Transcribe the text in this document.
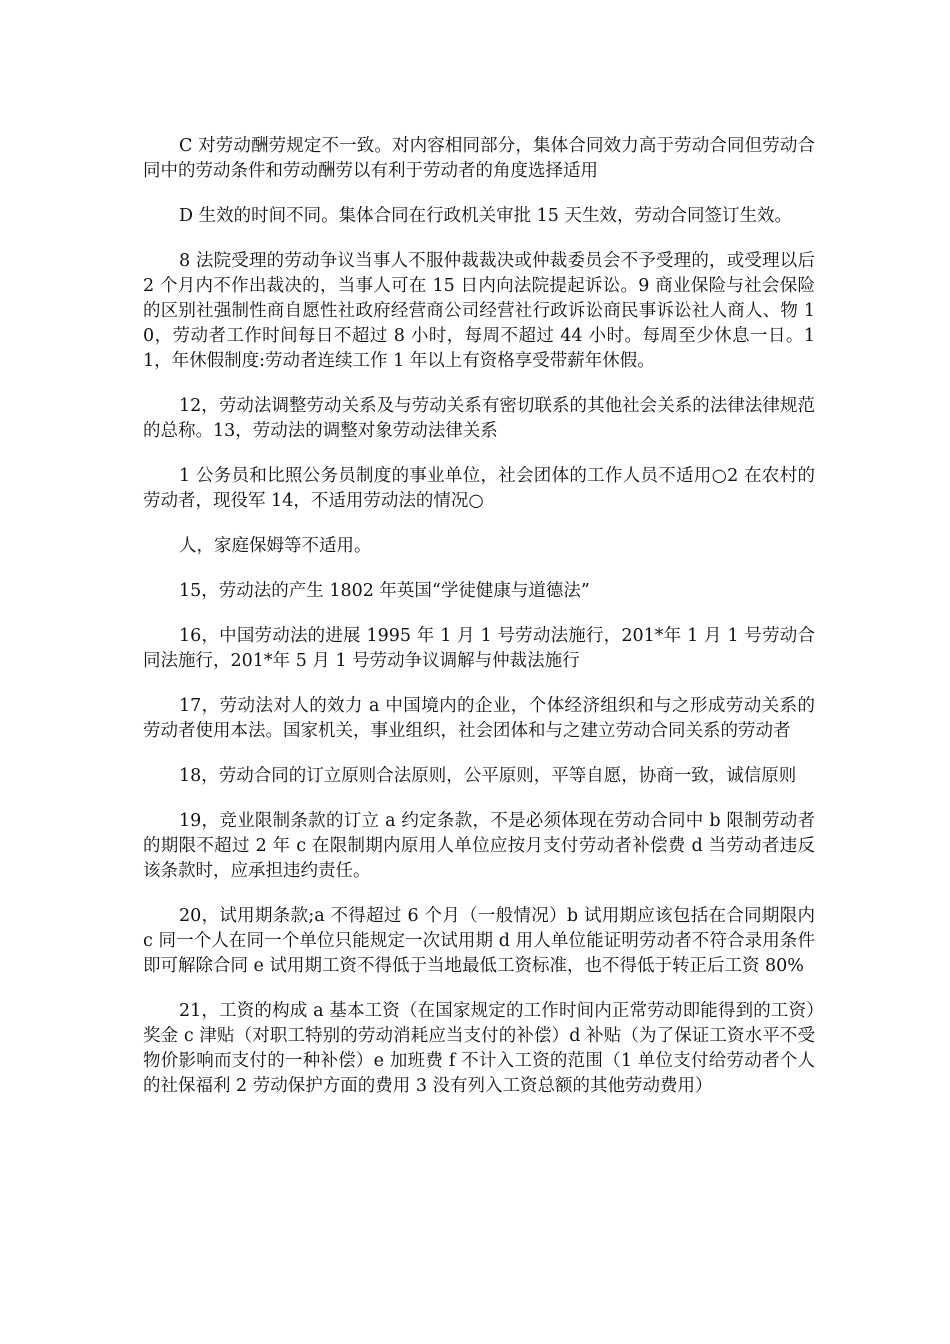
C 对劳动酬劳规定不一致。对内容相同部分，集体合同效力高于劳动合同但劳动合同中的劳动条件和劳动酬劳以有利于劳动者的角度选择适用

D 生效的时间不同。集体合同在行政机关审批 15 天生效，劳动合同签订生效。

8 法院受理的劳动争议当事人不服仲裁裁决或仲裁委员会不予受理的，或受理以后 2 个月内不作出裁决的，当事人可在 15 日内向法院提起诉讼。9 商业保险与社会保险的区别社强制性商自愿性社政府经营商公司经营社行政诉讼商民事诉讼社人商人、物 10，劳动者工作时间每日不超过 8 小时，每周不超过 44 小时。每周至少休息一日。11，年休假制度:劳动者连续工作 1 年以上有资格享受带薪年休假。

12，劳动法调整劳动关系及与劳动关系有密切联系的其他社会关系的法律法律规范的总称。13，劳动法的调整对象劳动法律关系

1 公务员和比照公务员制度的事业单位，社会团体的工作人员不适用○2 在农村的劳动者，现役军 14，不适用劳动法的情况○

人，家庭保姆等不适用。

15，劳动法的产生 1802 年英国“学徒健康与道德法”

16，中国劳动法的进展 1995 年 1 月 1 号劳动法施行，201*年 1 月 1 号劳动合同法施行，201*年 5 月 1 号劳动争议调解与仲裁法施行

17，劳动法对人的效力 a 中国境内的企业，个体经济组织和与之形成劳动关系的劳动者使用本法。国家机关，事业组织，社会团体和与之建立劳动合同关系的劳动者

18，劳动合同的订立原则合法原则，公平原则，平等自愿，协商一致，诚信原则

19，竞业限制条款的订立 a 约定条款，不是必须体现在劳动合同中 b 限制劳动者的期限不超过 2 年 c 在限制期内原用人单位应按月支付劳动者补偿费 d 当劳动者违反该条款时，应承担违约责任。

20，试用期条款;a 不得超过 6 个月（一般情况）b 试用期应该包括在合同期限内 c 同一个人在同一个单位只能规定一次试用期 d 用人单位能证明劳动者不符合录用条件即可解除合同 e 试用期工资不得低于当地最低工资标准，也不得低于转正后工资 80%

21，工资的构成 a 基本工资（在国家规定的工作时间内正常劳动即能得到的工资）奖金 c 津贴（对职工特别的劳动消耗应当支付的补偿）d 补贴（为了保证工资水平不受物价影响而支付的一种补偿）e 加班费 f 不计入工资的范围（1 单位支付给劳动者个人的社保福利 2 劳动保护方面的费用 3 没有列入工资总额的其他劳动费用）
